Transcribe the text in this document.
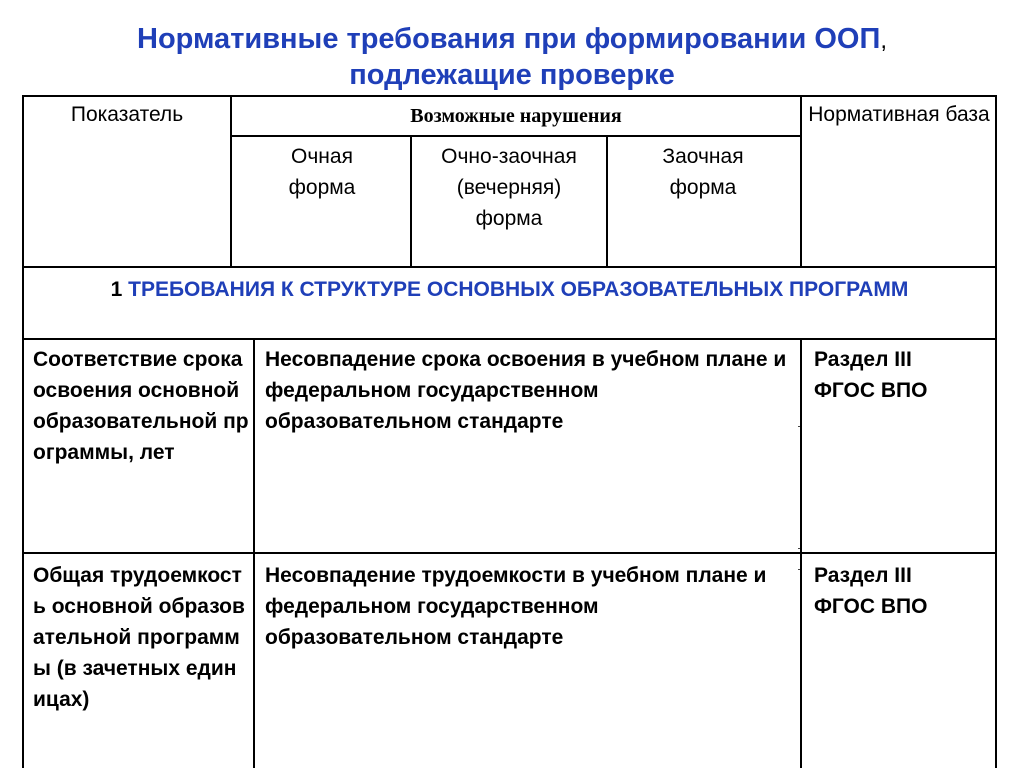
Нормативные требования при формировании ООП,
подлежащие проверке
Показатель	Возможные нарушения
Очная форма
Очно-заочная (вечерняя) форма
Заочная форма
Нормативная база
1 ТРЕБОВАНИЯ К СТРУКТУРЕ ОСНОВНЫХ ОБРАЗОВАТЕЛЬНЫХ ПРОГРАММ
Соответствие срока освоения основной образовательной программы, лет
Несовпадение срока освоения в учебном плане и федеральном государственном образовательном стандарте
Раздел III ФГОС ВПО
Общая трудоемкость основной образовательной программы (в зачетных единицах)
Несовпадение трудоемкости в учебном плане и федеральном государственном образовательном стандарте
Раздел III ФГОС ВПО
